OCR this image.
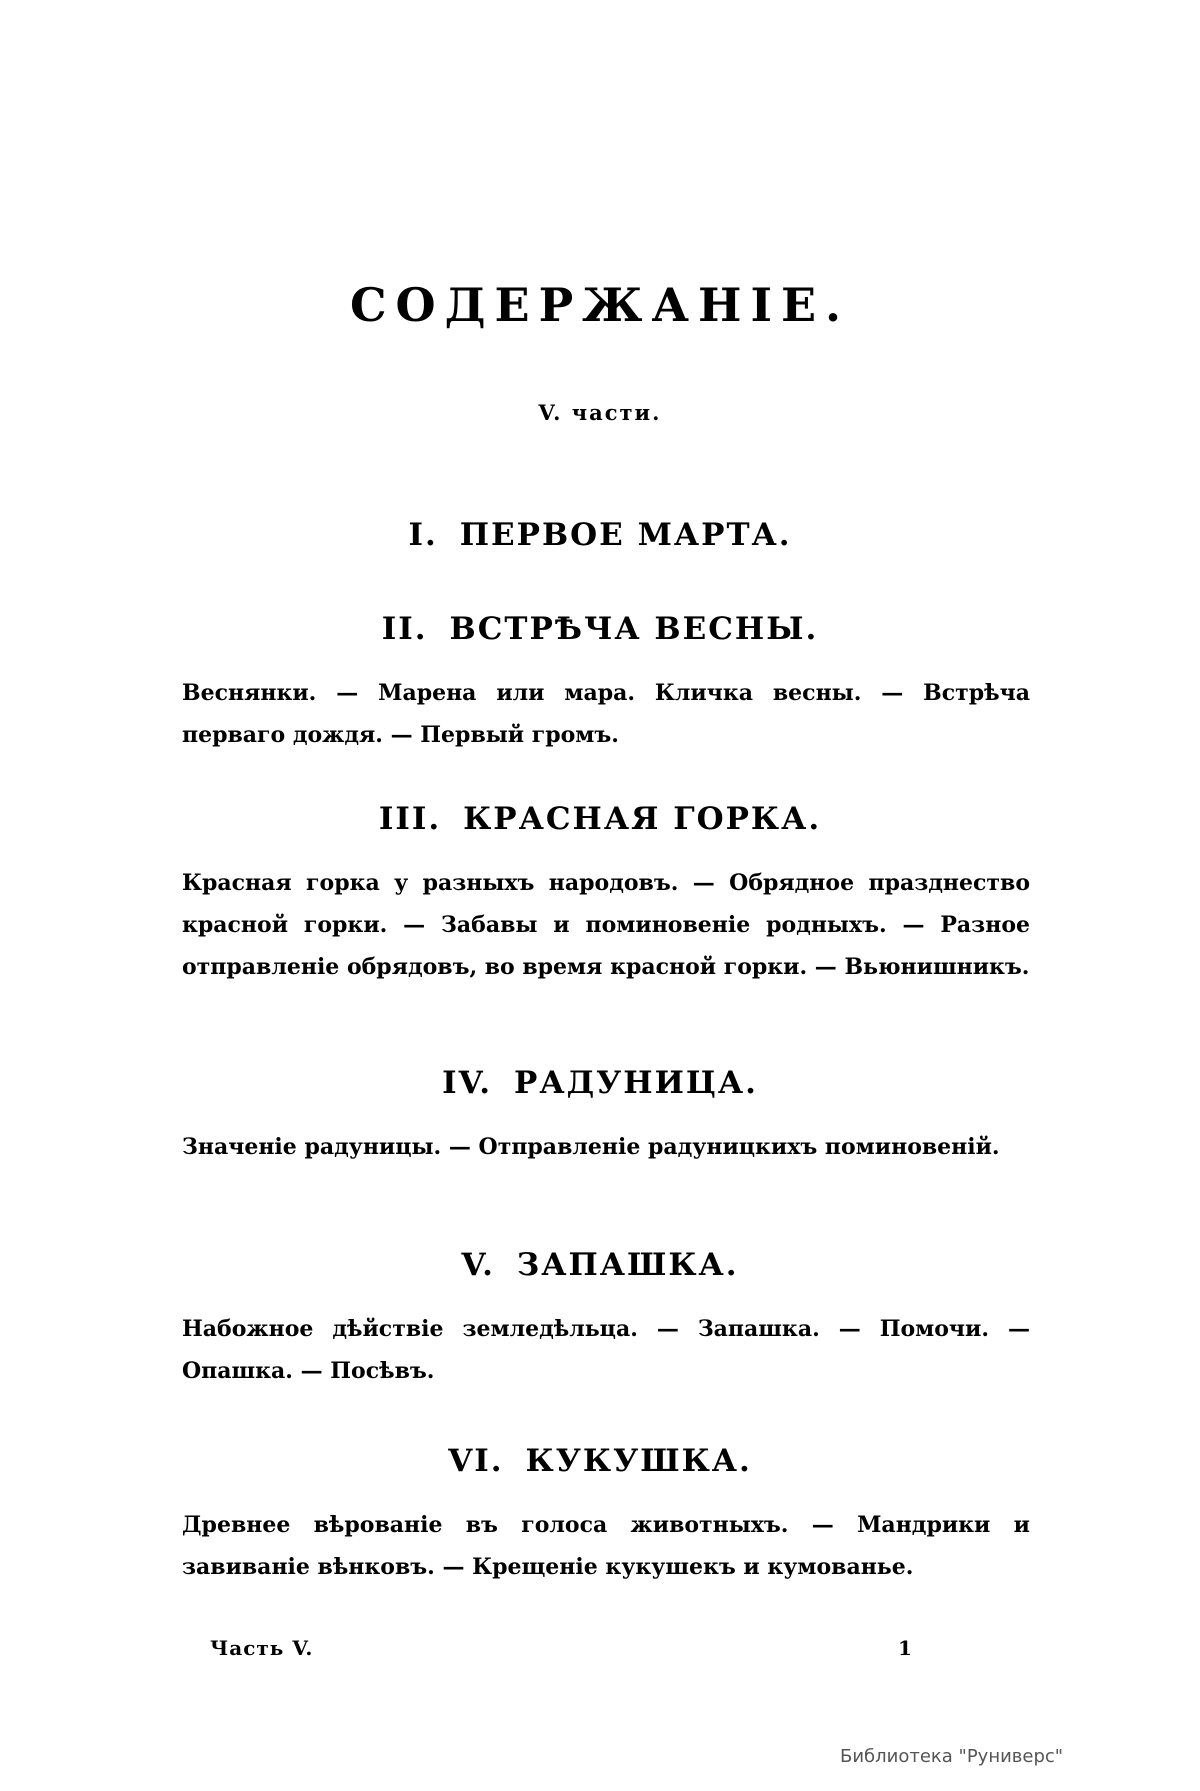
СОДЕРЖАНІЕ.
V. части.
I. ПЕРВОЕ МАРТА.
II. ВСТРѢЧА ВЕСНЫ.
Веснянки. — Марена или мара. Кличка весны. — Встрѣча перваго дождя. — Первый громъ.
III. КРАСНАЯ ГОРКА.
Красная горка у разныхъ народовъ. — Обрядное празднество красной горки. — Забавы и поминовеніе родныхъ. — Разное отправленіе обрядовъ, во время красной горки. — Вьюнишникъ.
IV. РАДУНИЦА.
Значеніе радуницы. — Отправленіе радуницкихъ поминовеній.
V. ЗАПАШКА.
Набожное дѣйствіе земледѣльца. — Запашка. — Помочи. — Опашка. — Посѣвъ.
VI. КУКУШКА.
Древнее вѣрованіе въ голоса животныхъ. — Мандрики и завиваніе вѣнковъ. — Крещеніе кукушекъ и кумованье.
Часть V.	1
Библиотека "Руниверс"
